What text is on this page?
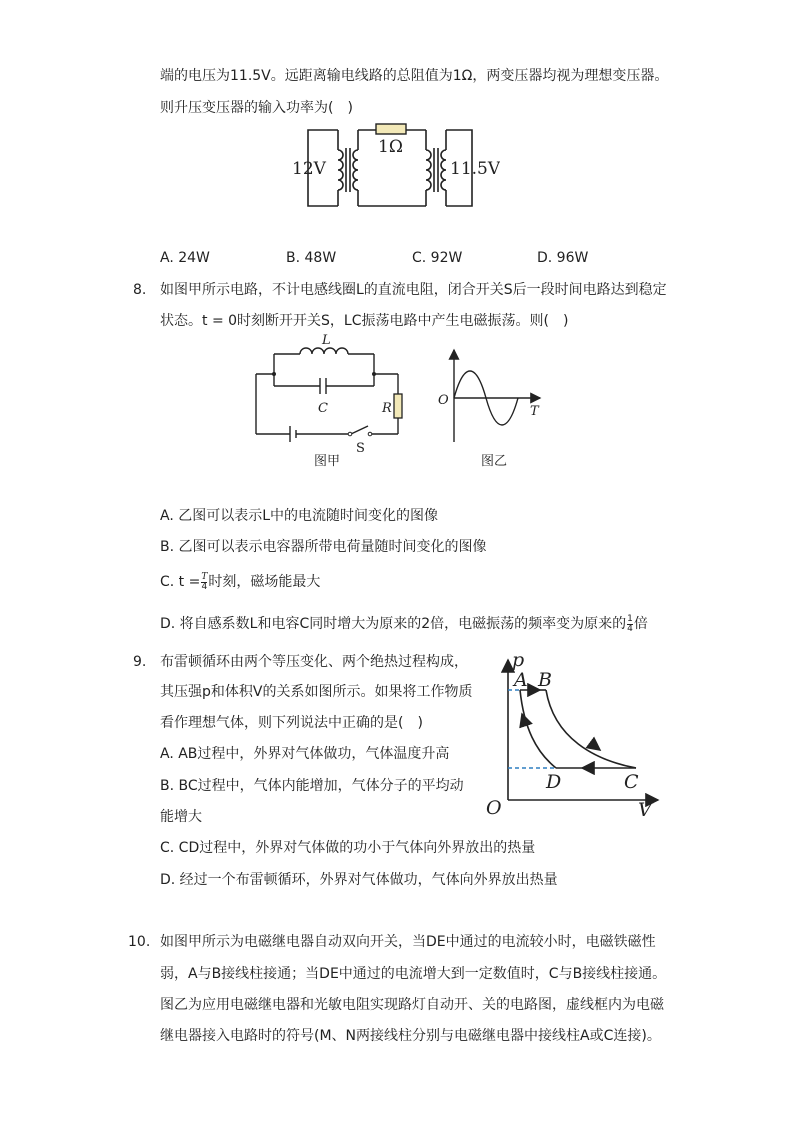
端的电压为11.5V。远距离输电线路的总阻值为1Ω，两变压器均视为理想变压器。
则升压变压器的输入功率为(　)
1Ω
12V	11.5V
A. 24W	B. 48W	C. 92W	D. 96W
8. 如图甲所示电路，不计电感线圈L的直流电阻，闭合开关S后一段时间电路达到稳定
状态。t = 0时刻断开开关S，LC振荡电路中产生电磁振荡。则(　)
L
C	R
S
图甲
O
T
图乙
A. 乙图可以表示L中的电流随时间变化的图像
B. 乙图可以表示电容器所带电荷量随时间变化的图像
C. $t = \frac{T}{4}$ 时刻，磁场能最大
D. 将自感系数L和电容C同时增大为原来的2倍，电磁振荡的频率变为原来的 $\frac{1}{4}$ 倍
9. 布雷顿循环由两个等压变化、两个绝热过程构成，
其压强p和体积V的关系如图所示。如果将工作物质
看作理想气体，则下列说法中正确的是(　)
p
V
O
A B
C
D
A. AB过程中，外界对气体做功，气体温度升高
B. BC过程中，气体内能增加，气体分子的平均动
能增大
C. CD过程中，外界对气体做的功小于气体向外界放出的热量
D. 经过一个布雷顿循环，外界对气体做功，气体向外界放出热量
10. 如图甲所示为电磁继电器自动双向开关，当DE中通过的电流较小时，电磁铁磁性
弱，A与B接线柱接通；当DE中通过的电流增大到一定数值时，C与B接线柱接通。
图乙为应用电磁继电器和光敏电阻实现路灯自动开、关的电路图，虚线框内为电磁
继电器接入电路时的符号(M、N两接线柱分别与电磁继电器中接线柱A或C连接)。
